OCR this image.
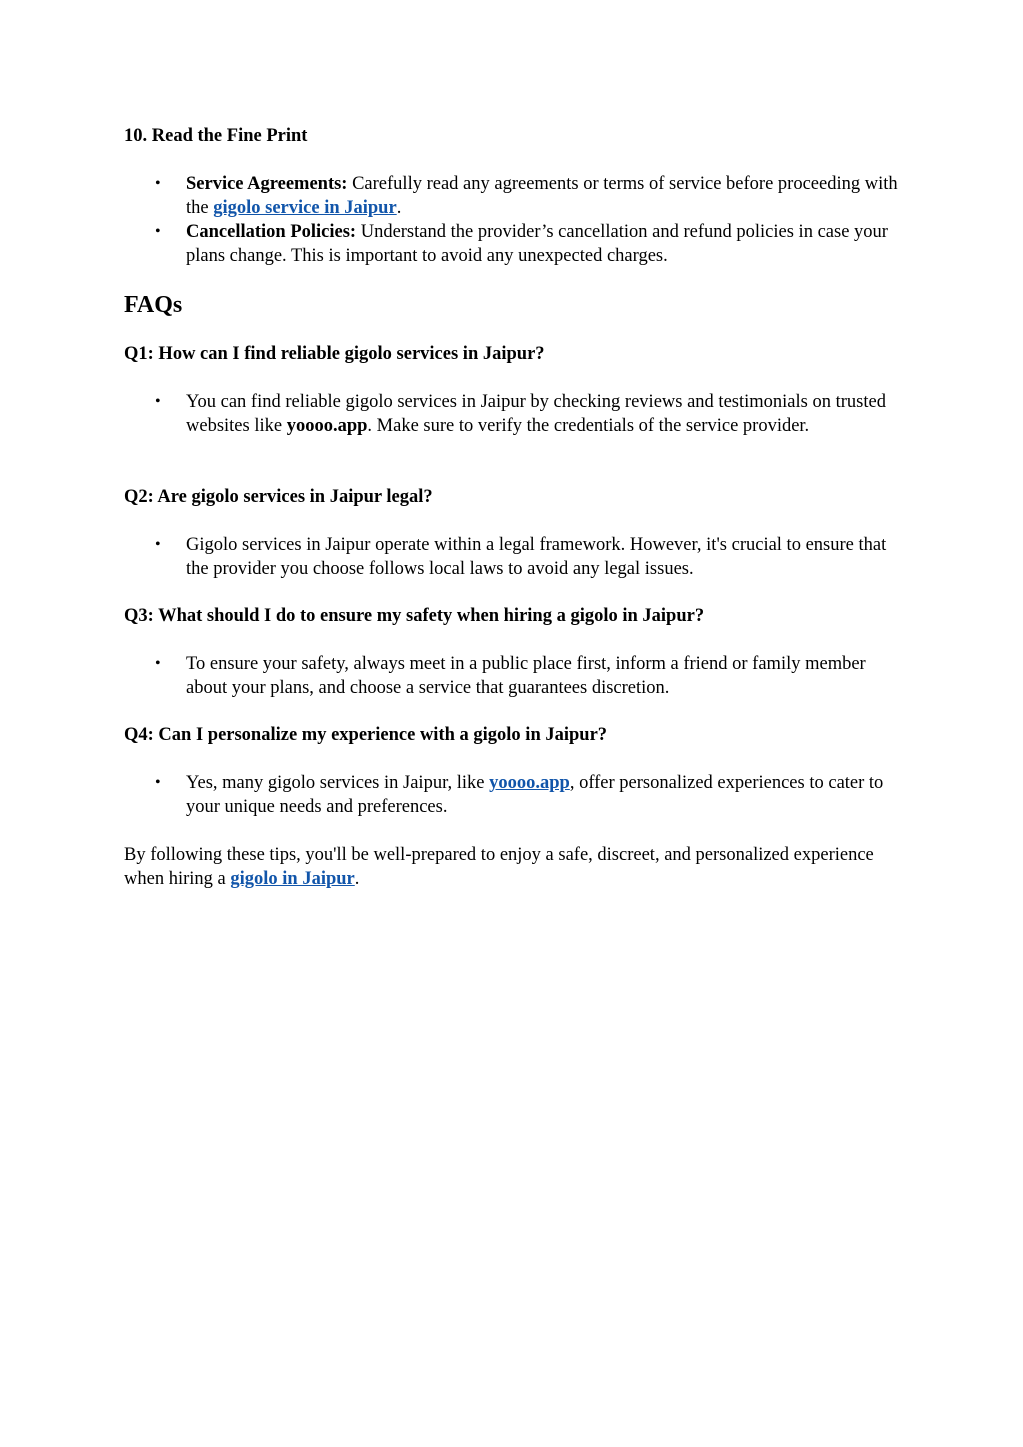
10. Read the Fine Print
• Service Agreements: Carefully read any agreements or terms of service before proceeding with the gigolo service in Jaipur.
• Cancellation Policies: Understand the provider’s cancellation and refund policies in case your plans change. This is important to avoid any unexpected charges.
FAQs
Q1: How can I find reliable gigolo services in Jaipur?
• You can find reliable gigolo services in Jaipur by checking reviews and testimonials on trusted websites like yoooo.app. Make sure to verify the credentials of the service provider.
Q2: Are gigolo services in Jaipur legal?
• Gigolo services in Jaipur operate within a legal framework. However, it's crucial to ensure that the provider you choose follows local laws to avoid any legal issues.
Q3: What should I do to ensure my safety when hiring a gigolo in Jaipur?
• To ensure your safety, always meet in a public place first, inform a friend or family member about your plans, and choose a service that guarantees discretion.
Q4: Can I personalize my experience with a gigolo in Jaipur?
• Yes, many gigolo services in Jaipur, like yoooo.app, offer personalized experiences to cater to your unique needs and preferences.

By following these tips, you'll be well-prepared to enjoy a safe, discreet, and personalized experience when hiring a gigolo in Jaipur.
